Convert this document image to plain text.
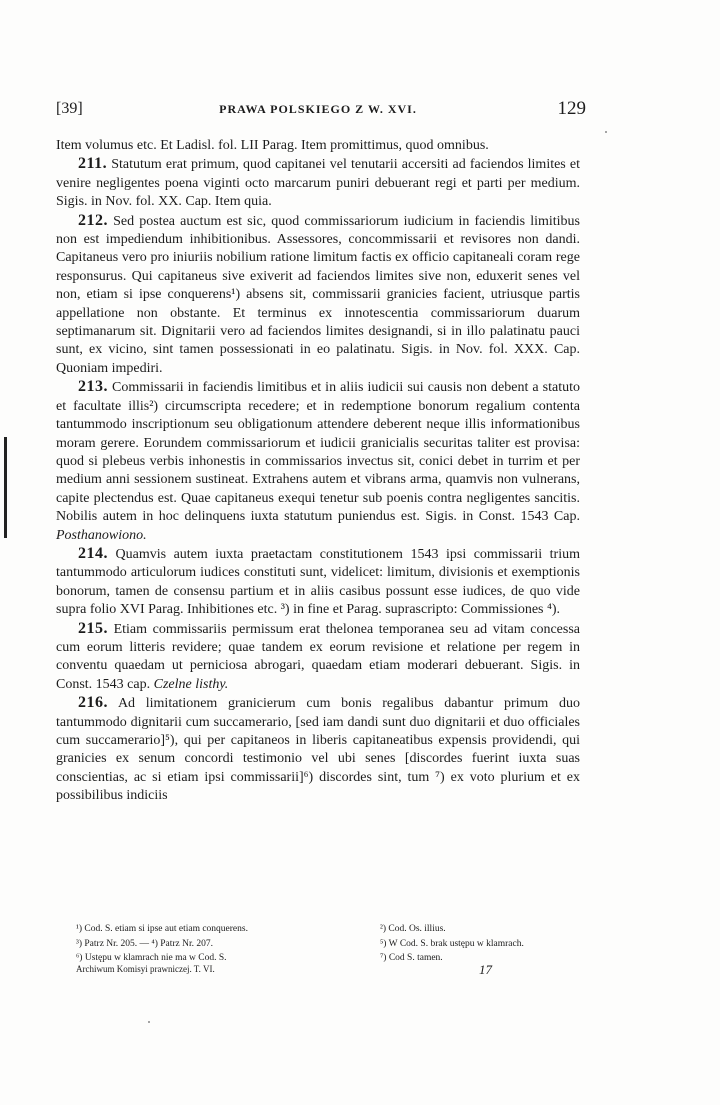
[39]	PRAWA POLSKIEGO Z W. XVI.	129

Item volumus etc. Et Ladisl. fol. LII Parag. Item promittimus, quod omnibus.

211. Statutum erat primum, quod capitanei vel tenutarii accersiti ad faciendos limites et venire negligentes poena viginti octo marcarum puniri debuerant regi et parti per medium. Sigis. in Nov. fol. XX. Cap. Item quia.

212. Sed postea auctum est sic, quod commissariorum iudicium in faciendis limitibus non est impediendum inhibitionibus. Assessores, concommissarii et revisores non dandi. Capitaneus vero pro iniuriis nobilium ratione limitum factis ex officio capitaneali coram rege responsurus. Qui capitaneus sive exiverit ad faciendos limites sive non, eduxerit senes vel non, etiam si ipse conquerens¹) absens sit, commissarii granicies facient, utriusque partis appellatione non obstante. Et terminus ex innotescentia commissariorum duarum septimanarum sit. Dignitarii vero ad faciendos limites designandi, si in illo palatinatu pauci sunt, ex vicino, sint tamen possessionati in eo palatinatu. Sigis. in Nov. fol. XXX. Cap. Quoniam impediri.

213. Commissarii in faciendis limitibus et in aliis iudicii sui causis non debent a statuto et facultate illis²) circumscripta recedere; et in redemptione bonorum regalium contenta tantummodo inscriptionum seu obligationum attendere deberent neque illis informationibus moram gerere. Eorundem commissariorum et iudicii granicialis securitas taliter est provisa: quod si plebeus verbis inhonestis in commissarios invectus sit, conici debet in turrim et per medium anni sessionem sustineat. Extrahens autem et vibrans arma, quamvis non vulnerans, capite plectendus est. Quae capitaneus exequi tenetur sub poenis contra negligentes sancitis. Nobilis autem in hoc delinquens iuxta statutum puniendus est. Sigis. in Const. 1543 Cap. Posthanowiono.

214. Quamvis autem iuxta praetactam constitutionem 1543 ipsi commissarii trium tantummodo articulorum iudices constituti sunt, videlicet: limitum, divisionis et exemptionis bonorum, tamen de consensu partium et in aliis casibus possunt esse iudices, de quo vide supra folio XVI Parag. Inhibitiones etc. ³) in fine et Parag. suprascripto: Commissiones ⁴).

215. Etiam commissariis permissum erat thelonea temporanea seu ad vitam concessa cum eorum litteris revidere; quae tandem ex eorum revisione et relatione per regem in conventu quaedam ut perniciosa abrogari, quaedam etiam moderari debuerant. Sigis. in Const. 1543 cap. Czelne listhy.

216. Ad limitationem granicierum cum bonis regalibus dabantur primum duo tantummodo dignitarii cum succamerario, [sed iam dandi sunt duo dignitarii et duo officiales cum succamerario]⁵), qui per capitaneos in liberis capitaneatibus expensis providendi, qui granicies ex senum concordi testimonio vel ubi senes [discordes fuerint iuxta suas conscientias, ac si etiam ipsi commissarii]⁶) discordes sint, tum ⁷) ex voto plurium et ex possibilibus indiciis

¹) Cod. S. etiam si ipse aut etiam conquerens.	²) Cod. Os. illius.
³) Patrz Nr. 205. — ⁴) Patrz Nr. 207.	⁵) W Cod. S. brak ustępu w klamrach.
⁶) Ustępu w klamrach nie ma w Cod. S.	⁷) Cod S. tamen.
Archiwum Komisyi prawniczej. T. VI.	17
